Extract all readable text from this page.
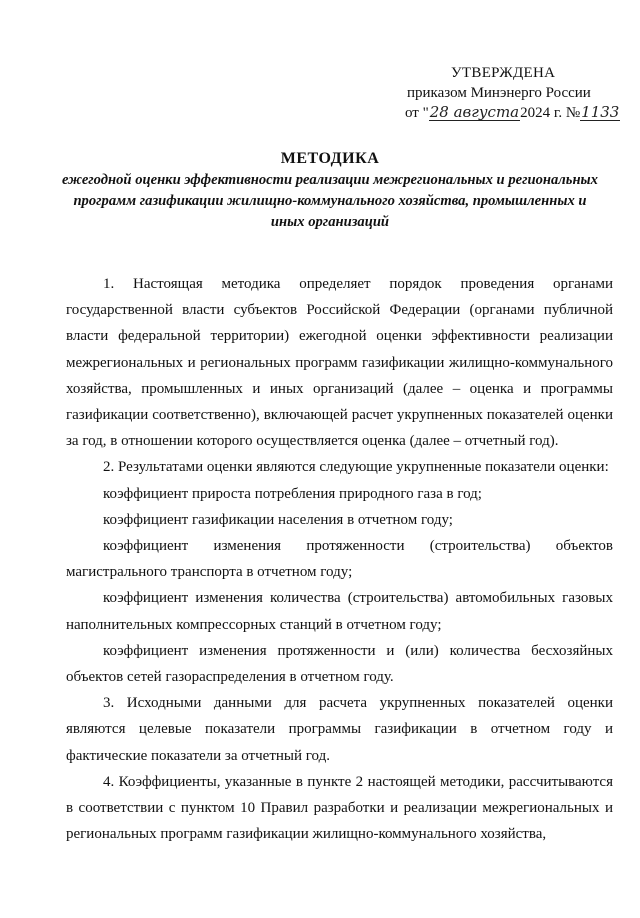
УТВЕРЖДЕНА
приказом Минэнерго России
от "28 августа2024 г. №1133
МЕТОДИКА
ежегодной оценки эффективности реализации межрегиональных и региональных программ газификации жилищно-коммунального хозяйства, промышленных и иных организаций

1. Настоящая методика определяет порядок проведения органами государственной власти субъектов Российской Федерации (органами публичной власти федеральной территории) ежегодной оценки эффективности реализации межрегиональных и региональных программ газификации жилищно-коммунального хозяйства, промышленных и иных организаций (далее – оценка и программы газификации соответственно), включающей расчет укрупненных показателей оценки за год, в отношении которого осуществляется оценка (далее – отчетный год).

2. Результатами оценки являются следующие укрупненные показатели оценки:

коэффициент прироста потребления природного газа в год;

коэффициент газификации населения в отчетном году;

коэффициент изменения протяженности (строительства) объектов магистрального транспорта в отчетном году;

коэффициент изменения количества (строительства) автомобильных газовых наполнительных компрессорных станций в отчетном году;

коэффициент изменения протяженности и (или) количества бесхозяйных объектов сетей газораспределения в отчетном году.

3. Исходными данными для расчета укрупненных показателей оценки являются целевые показатели программы газификации в отчетном году и фактические показатели за отчетный год.

4. Коэффициенты, указанные в пункте 2 настоящей методики, рассчитываются в соответствии с пунктом 10 Правил разработки и реализации межрегиональных и региональных программ газификации жилищно-коммунального хозяйства,
